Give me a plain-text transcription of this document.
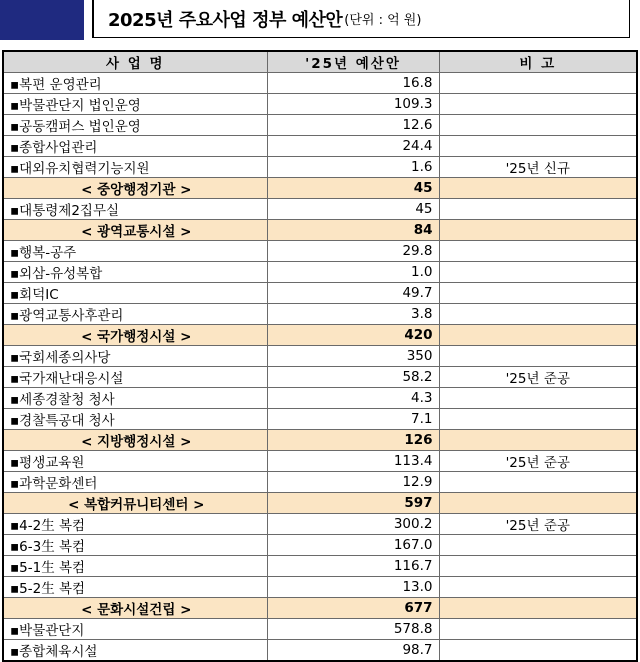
2025년 주요사업 정부 예산안 (단위 : 억 원)
사 업 명	'25년 예산안	비 고
▪복편 운영관리	16.8	
▪박물관단지 법인운영	109.3	
▪공동캠퍼스 법인운영	12.6	
▪종합사업관리	24.4	
▪대외유치협력기능지원	1.6	'25년 신규
< 중앙행정기관 >	45	
▪대통령제2집무실	45	
< 광역교통시설 >	84	
▪행복-공주	29.8	
▪외삼-유성복합	1.0	
▪회덕IC	49.7	
▪광역교통사후관리	3.8	
< 국가행정시설 >	420	
▪국회세종의사당	350	
▪국가재난대응시설	58.2	'25년 준공
▪세종경찰청 청사	4.3	
▪경찰특공대 청사	7.1	
< 지방행정시설 >	126	
▪평생교육원	113.4	'25년 준공
▪과학문화센터	12.9	
< 복합커뮤니티센터 >	597	
▪4-2生 복컴	300.2	'25년 준공
▪6-3生 복컴	167.0	
▪5-1生 복컴	116.7	
▪5-2生 복컴	13.0	
< 문화시설건립 >	677	
▪박물관단지	578.8	
▪종합체육시설	98.7	
